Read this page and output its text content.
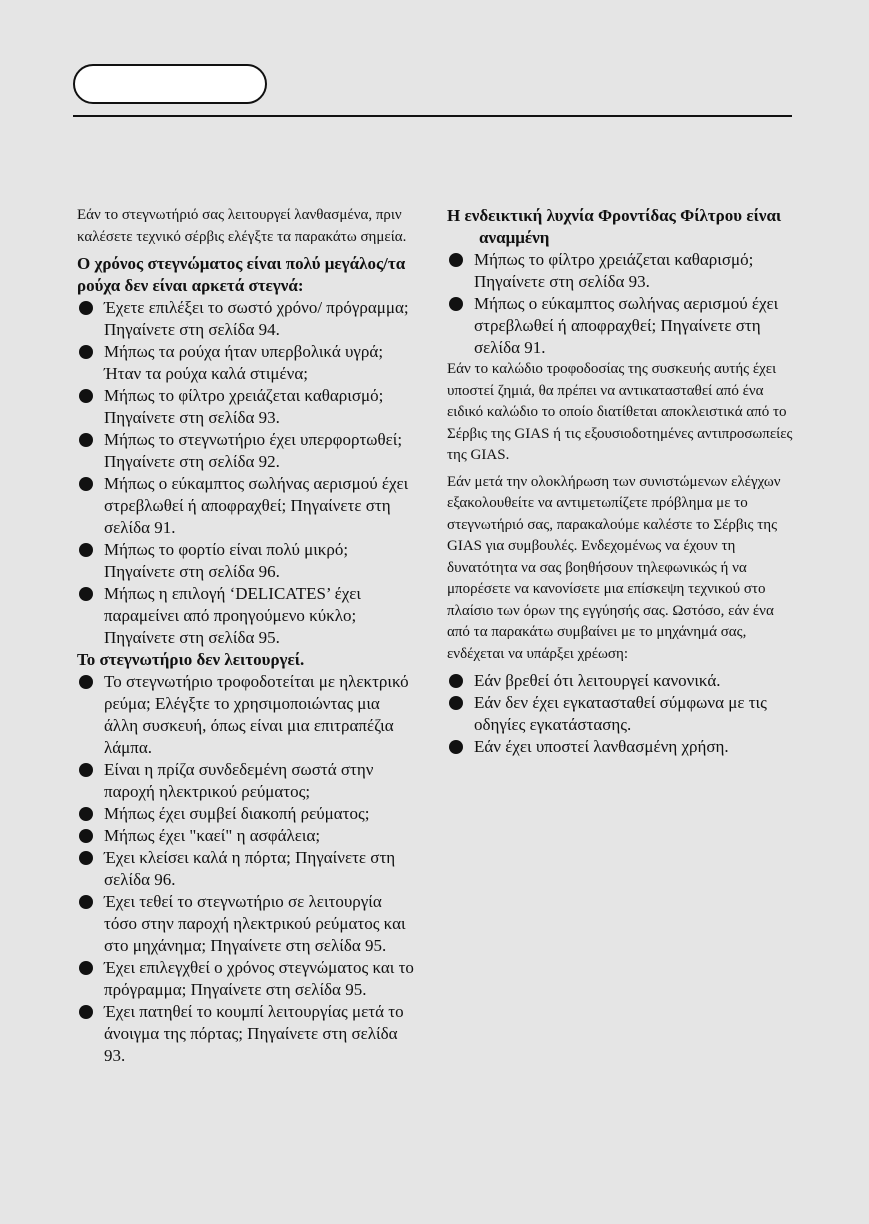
Εάν το στεγνωτήριό σας λειτουργεί λανθασμένα, πριν καλέσετε τεχνικό σέρβις ελέγξτε τα παρακάτω σημεία.

Ο χρόνος στεγνώματος είναι πολύ μεγάλος/τα ρούχα δεν είναι αρκετά στεγνά:

Έχετε επιλέξει το σωστό χρόνο/ πρόγραμμα; Πηγαίνετε στη σελίδα 94.
Μήπως τα ρούχα ήταν υπερβολικά υγρά; Ήταν τα ρούχα καλά στιμένα;
Μήπως το φίλτρο χρειάζεται καθαρισμό; Πηγαίνετε στη σελίδα 93.
Μήπως το στεγνωτήριο έχει υπερφορτωθεί; Πηγαίνετε στη σελίδα 92.
Μήπως ο εύκαμπτος σωλήνας αερισμού έχει στρεβλωθεί ή αποφραχθεί; Πηγαίνετε στη σελίδα 91.
Μήπως το φορτίο είναι πολύ μικρό; Πηγαίνετε στη σελίδα 96.
Μήπως η επιλογή ‘DELICATES’ έχει παραμείνει από προηγούμενο κύκλο; Πηγαίνετε στη σελίδα 95.

Το στεγνωτήριο δεν λειτουργεί.

Το στεγνωτήριο τροφοδοτείται με ηλεκτρικό ρεύμα; Ελέγξτε το χρησιμοποιώντας μια άλλη συσκευή, όπως είναι μια επιτραπέζια λάμπα.
Είναι η πρίζα συνδεδεμένη σωστά στην παροχή ηλεκτρικού ρεύματος;
Μήπως έχει συμβεί διακοπή ρεύματος;
Μήπως έχει "καεί" η ασφάλεια;
Έχει κλείσει καλά η πόρτα; Πηγαίνετε στη σελίδα 96.
Έχει τεθεί το στεγνωτήριο σε λειτουργία τόσο στην παροχή ηλεκτρικού ρεύματος και στο μηχάνημα; Πηγαίνετε στη σελίδα 95.
Έχει επιλεγχθεί ο χρόνος στεγνώματος και το πρόγραμμα; Πηγαίνετε στη σελίδα 95.
Έχει πατηθεί το κουμπί λειτουργίας μετά το άνοιγμα της πόρτας; Πηγαίνετε στη σελίδα 93.

Η ενδεικτική λυχνία Φροντίδας Φίλτρου είναι αναμμένη

Μήπως το φίλτρο χρειάζεται καθαρισμό; Πηγαίνετε στη σελίδα 93.
Μήπως ο εύκαμπτος σωλήνας αερισμού έχει στρεβλωθεί ή αποφραχθεί; Πηγαίνετε στη σελίδα 91.

Εάν το καλώδιο τροφοδοσίας της συσκευής αυτής έχει υποστεί ζημιά, θα πρέπει να αντικατασταθεί από ένα ειδικό καλώδιο το οποίο διατίθεται αποκλειστικά από το Σέρβις της GIAS ή τις εξουσιοδοτημένες αντιπροσωπείες της GIAS.

Εάν μετά την ολοκλήρωση των συνιστώμενων ελέγχων εξακολουθείτε να αντιμετωπίζετε πρόβλημα με το στεγνωτήριό σας, παρακαλούμε καλέστε το Σέρβις της GIAS για συμβουλές. Ενδεχομένως να έχουν τη δυνατότητα να σας βοηθήσουν τηλεφωνικώς ή να μπορέσετε να κανονίσετε μια επίσκεψη τεχνικού στο πλαίσιο των όρων της εγγύησής σας. Ωστόσο, εάν ένα από τα παρακάτω συμβαίνει με το μηχάνημά σας, ενδέχεται να υπάρξει χρέωση:

Εάν βρεθεί ότι λειτουργεί κανονικά.
Εάν δεν έχει εγκατασταθεί σύμφωνα με τις οδηγίες εγκατάστασης.
Εάν έχει υποστεί λανθασμένη χρήση.
